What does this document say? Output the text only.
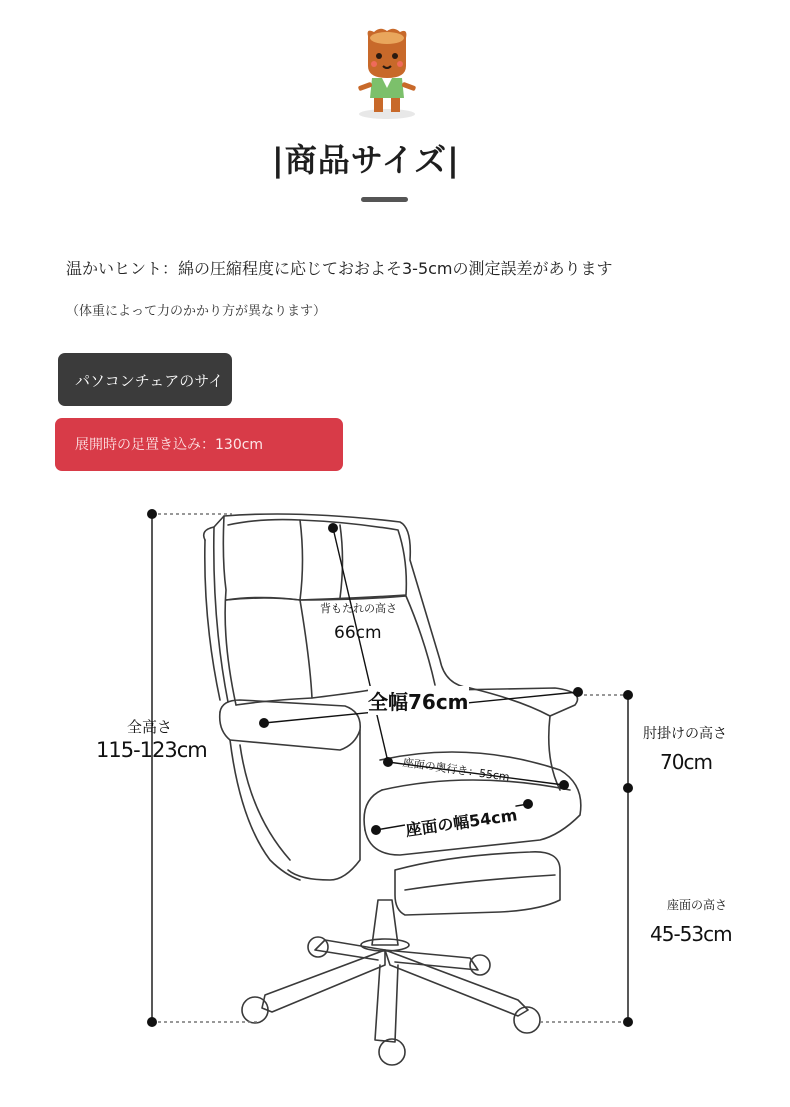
|商品サイズ|
温かいヒント：綿の圧縮程度に応じておおよそ3-5cmの測定誤差があります
（体重によって力のかかり方が異なります）
パソコンチェアのサイ
展開時の足置き込み：130cm
全高さ
115-123cm
背もたれの高さ
66cm
全幅76cm
座面の奥行き：55cm
座面の幅54cm
肘掛けの高さ
70cm
座面の高さ
45-53cm
